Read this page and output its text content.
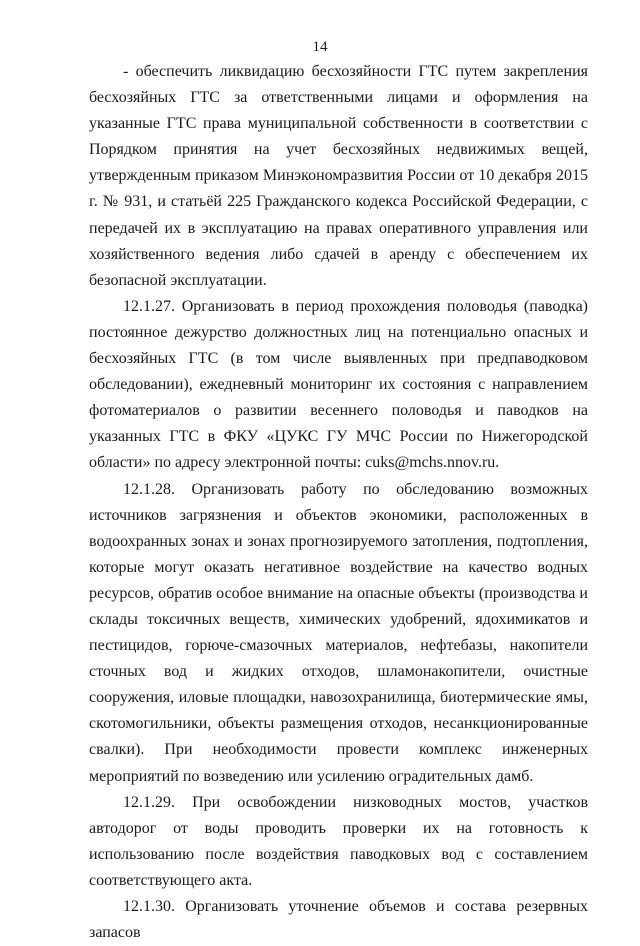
14

- обеспечить ликвидацию бесхозяйности ГТС путем закрепления бесхозяйных ГТС за ответственными лицами и оформления на указанные ГТС права муниципальной собственности в соответствии с Порядком принятия на учет бесхозяйных недвижимых вещей, утвержденным приказом Минэкономразвития России от 10 декабря 2015 г. № 931, и статьёй 225 Гражданского кодекса Российской Федерации, с передачей их в эксплуатацию на правах оперативного управления или хозяйственного ведения либо сдачей в аренду с обеспечением их безопасной эксплуатации.

12.1.27. Организовать в период прохождения половодья (паводка) постоянное дежурство должностных лиц на потенциально опасных и бесхозяйных ГТС (в том числе выявленных при предпаводковом обследовании), ежедневный мониторинг их состояния с направлением фотоматериалов о развитии весеннего половодья и паводков на указанных ГТС в ФКУ «ЦУКС ГУ МЧС России по Нижегородской области» по адресу электронной почты: cuks@mchs.nnov.ru.

12.1.28. Организовать работу по обследованию возможных источников загрязнения и объектов экономики, расположенных в водоохранных зонах и зонах прогнозируемого затопления, подтопления, которые могут оказать негативное воздействие на качество водных ресурсов, обратив особое внимание на опасные объекты (производства и склады токсичных веществ, химических удобрений, ядохимикатов и пестицидов, горюче-смазочных материалов, нефтебазы, накопители сточных вод и жидких отходов, шламонакопители, очистные сооружения, иловые площадки, навозохранилища, биотермические ямы, скотомогильники, объекты размещения отходов, несанкционированные свалки). При необходимости провести комплекс инженерных мероприятий по возведению или усилению оградительных дамб.

12.1.29. При освобождении низководных мостов, участков автодорог от воды проводить проверки их на готовность к использованию после воздействия паводковых вод с составлением соответствующего акта.

12.1.30. Организовать уточнение объемов и состава резервных запасов
